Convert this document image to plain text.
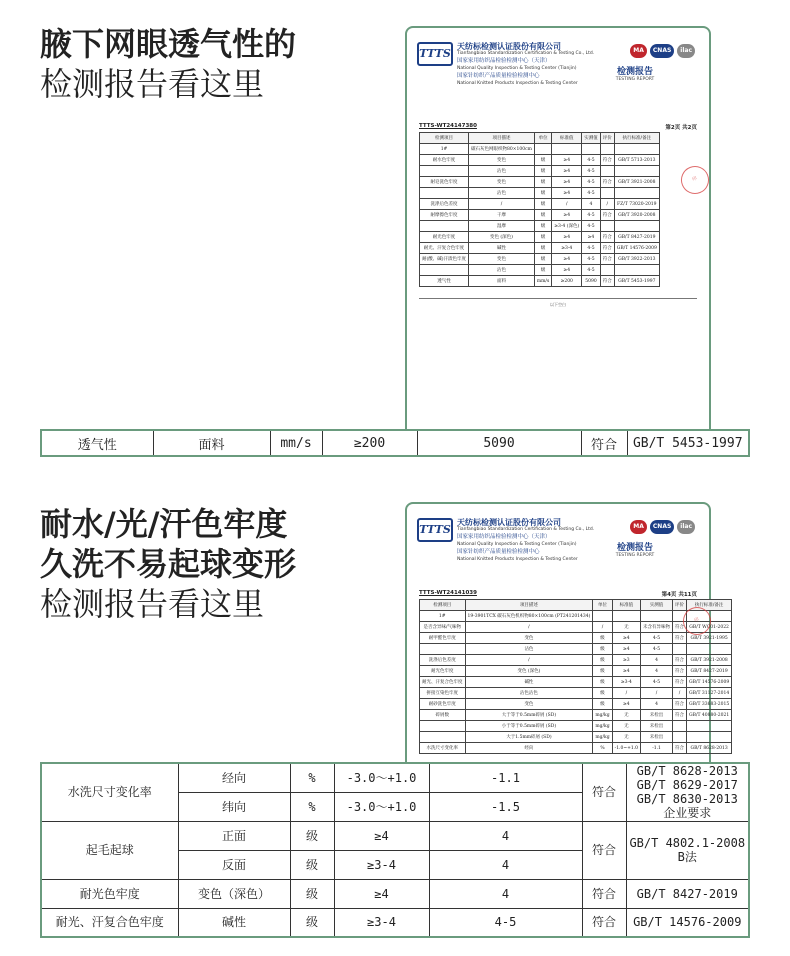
腋下网眼透气性的
检测报告看这里
TTTS
天纺标检测认证股份有限公司
Tianfangbiao Standardization Certification & Testing Co., Ltd.
国家家用纺织品检验检测中心（天津）
National Quality Inspection & Testing Center (Tianjin)
国家针纺织产品质量检验检测中心
National Knitted Products Inspection & Testing Center
MA	CNAS	ilac
检测报告
TESTING REPORT
TTTS-WT24147380	第2页 共2页
检测项目	项目描述	单位	标准值	实测值	评价	执行标准/备注
1#	碳石灰色网眼织物80×100cm					
耐水色牢度	变色	级	≥4	4-5	符合	GB/T 5713-2013
	沾色	级	≥4	4-5		
耐皂洗色牢度	变色	级	≥4	4-5	符合	GB/T 3921-2008
	沾色	级	≥4	4-5		
洗涤后色差度	/	级	/	4	/	FZ/T 73020-2019
耐摩擦色牢度	干摩	级	≥4	4-5	符合	GB/T 3920-2008
	湿摩	级	≥3-4 (深色)	4-5		
耐光色牢度	变色 (深色)	级	≥4	≥4	符合	GB/T 8427-2019
耐光、汗复合色牢度	碱性	级	≥3-4	4-5	符合	GB/T 14576-2009
耐(酸、碱)汗渍色牢度	变色	级	≥4	4-5	符合	GB/T 3922-2013
	沾色	级	≥4	4-5		
透气性	面料	mm/s	≥200	5090	符合	GB/T 5453-1997
以下空白
印
透气性	面料	mm/s	≥200	5090	符合	GB/T 5453-1997
耐水/光/汗色牢度
久洗不易起球变形
检测报告看这里
TTTS
天纺标检测认证股份有限公司
Tianfangbiao Standardization Certification & Testing Co., Ltd.
国家家用纺织品检验检测中心（天津）
National Quality Inspection & Testing Center (Tianjin)
国家针纺织产品质量检验检测中心
National Knitted Products Inspection & Testing Center
MA	CNAS	ilac
检测报告
TESTING REPORT
TTTS-WT24141039	第4页 共11页
检测项目	项目描述	单位	标准值	实测值	评价	执行标准/备注
1#	19-3901TCX 碳石灰色机织物80×100cm (PT241201434)					
是否含异味/气味物	/	/	无	未含有异味物	符合	GB/T WC01-2022
耐甲醛色牢度	变色	级	≥4	4-5	符合	GB/T 3921-1995
	沾色	级	≥4	4-5		
洗涤后色差度	/	级	≥3	4	符合	GB/T 3921-2008
耐光色牢度	变色 (深色)	级	≥4	4	符合	GB/T 8427-2019
耐光、汗复合色牢度	碱性	级	≥3-4	4-5	符合	GB/T 14576-2009
拼接互染色牢度	沾色沾色	级	/	/	/	GB/T 31127-2014
耐砂洗色牢度	变色	级	≥4	4	符合	GB/T 33683-2015
碎屑数	大于等于0.5mm碎屑 (SD)	mg/kg	无	未检出	符合	GB/T 40880-2021
	小于等于0.5mm碎屑 (SD)	mg/kg	无	未检出		
	大于1.5mm碎屑 (SD)	mg/kg	无	未检出		
水洗尺寸变化率	经向	%	-1.0~+1.0	-1.1	符合	GB/T 8628-2013
印
水洗尺寸变化率	经向	%	-3.0～+1.0	-1.1	符合	GB/T 8628-2013
GB/T 8629-2017
GB/T 8630-2013
企业要求

	纬向	%	-3.0～+1.0	-1.5		
起毛起球	正面	级	≥4	4	符合	GB/T 4802.1-2008
B法

	反面	级	≥3-4	4		
耐光色牢度	变色（深色）	级	≥4	4	符合	GB/T 8427-2019
耐光、汗复合色牢度	碱性	级	≥3-4	4-5	符合	GB/T 14576-2009
